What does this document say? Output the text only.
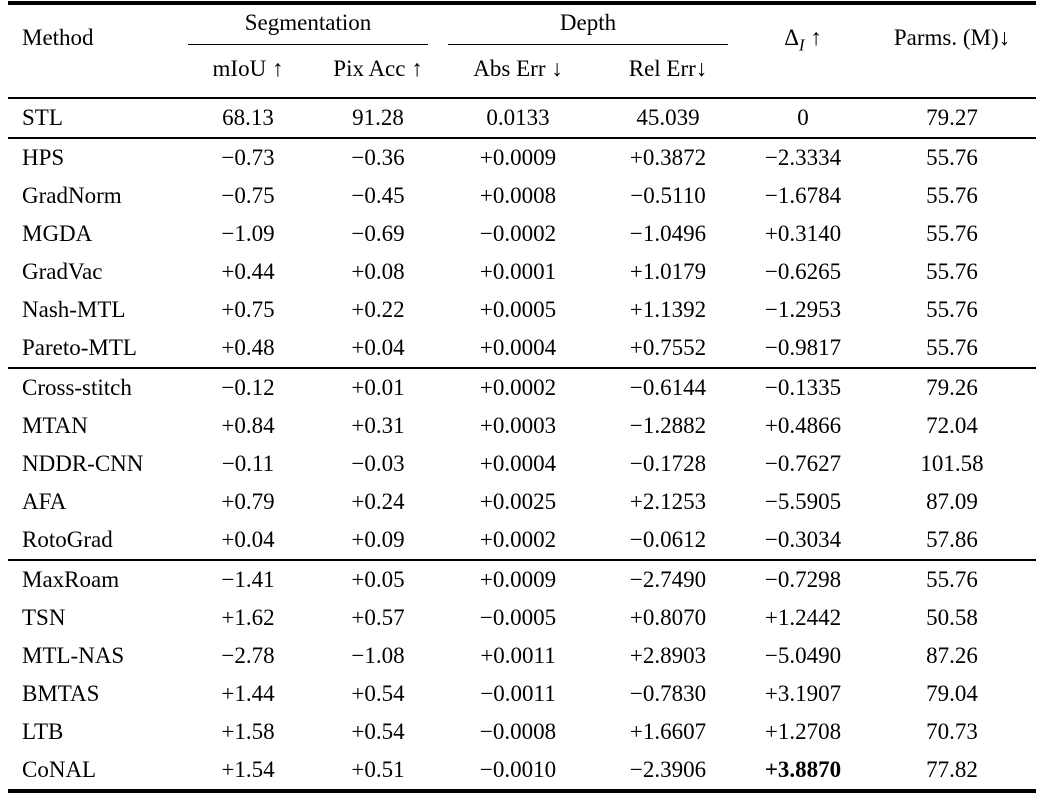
Method	Segmentation		Depth		$\Delta_I$ ↑	Parms. (M)↓
	mIoU ↑	Pix Acc ↑	Abs Err ↓	Rel Err↓		
STL	68.13	91.28	0.0133	45.039	0	79.27
HPS	−0.73	−0.36	+0.0009	+0.3872	−2.3334	55.76
GradNorm	−0.75	−0.45	+0.0008	−0.5110	−1.6784	55.76
MGDA	−1.09	−0.69	−0.0002	−1.0496	+0.3140	55.76
GradVac	+0.44	+0.08	+0.0001	+1.0179	−0.6265	55.76
Nash-MTL	+0.75	+0.22	+0.0005	+1.1392	−1.2953	55.76
Pareto-MTL	+0.48	+0.04	+0.0004	+0.7552	−0.9817	55.76
Cross-stitch	−0.12	+0.01	+0.0002	−0.6144	−0.1335	79.26
MTAN	+0.84	+0.31	+0.0003	−1.2882	+0.4866	72.04
NDDR-CNN	−0.11	−0.03	+0.0004	−0.1728	−0.7627	101.58
AFA	+0.79	+0.24	+0.0025	+2.1253	−5.5905	87.09
RotoGrad	+0.04	+0.09	+0.0002	−0.0612	−0.3034	57.86
MaxRoam	−1.41	+0.05	+0.0009	−2.7490	−0.7298	55.76
TSN	+1.62	+0.57	−0.0005	+0.8070	+1.2442	50.58
MTL-NAS	−2.78	−1.08	+0.0011	+2.8903	−5.0490	87.26
BMTAS	+1.44	+0.54	−0.0011	−0.7830	+3.1907	79.04
LTB	+1.58	+0.54	−0.0008	+1.6607	+1.2708	70.73
CoNAL	+1.54	+0.51	−0.0010	−2.3906	+3.8870	77.82
